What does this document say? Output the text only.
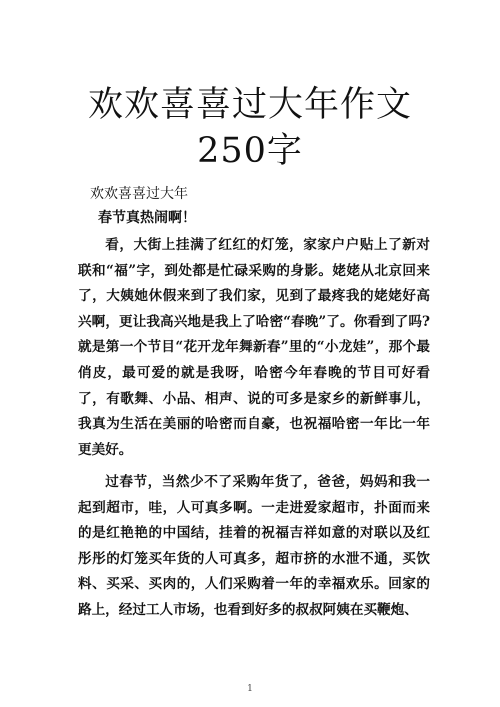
欢欢喜喜过大年作文250字

欢欢喜喜过大年

春节真热闹啊！

看，大街上挂满了红红的灯笼，家家户户贴上了新对联和“福”字，到处都是忙碌采购的身影。姥姥从北京回来了，大姨她休假来到了我们家，见到了最疼我的姥姥好高兴啊，更让我高兴地是我上了哈密“春晚”了。你看到了吗?就是第一个节目“花开龙年舞新春”里的“小龙娃”，那个最俏皮，最可爱的就是我呀，哈密今年春晚的节目可好看了，有歌舞、小品、相声、说的可多是家乡的新鲜事儿，我真为生活在美丽的哈密而自豪，也祝福哈密一年比一年更美好。

过春节，当然少不了采购年货了，爸爸，妈妈和我一起到超市，哇，人可真多啊。一走进爱家超市，扑面而来的是红艳艳的中国结，挂着的祝福吉祥如意的对联以及红彤彤的灯笼买年货的人可真多，超市挤的水泄不通，买饮料、买采、买肉的，人们采购着一年的幸福欢乐。回家的路上，经过工人市场，也看到好多的叔叔阿姨在买鞭炮、

1
